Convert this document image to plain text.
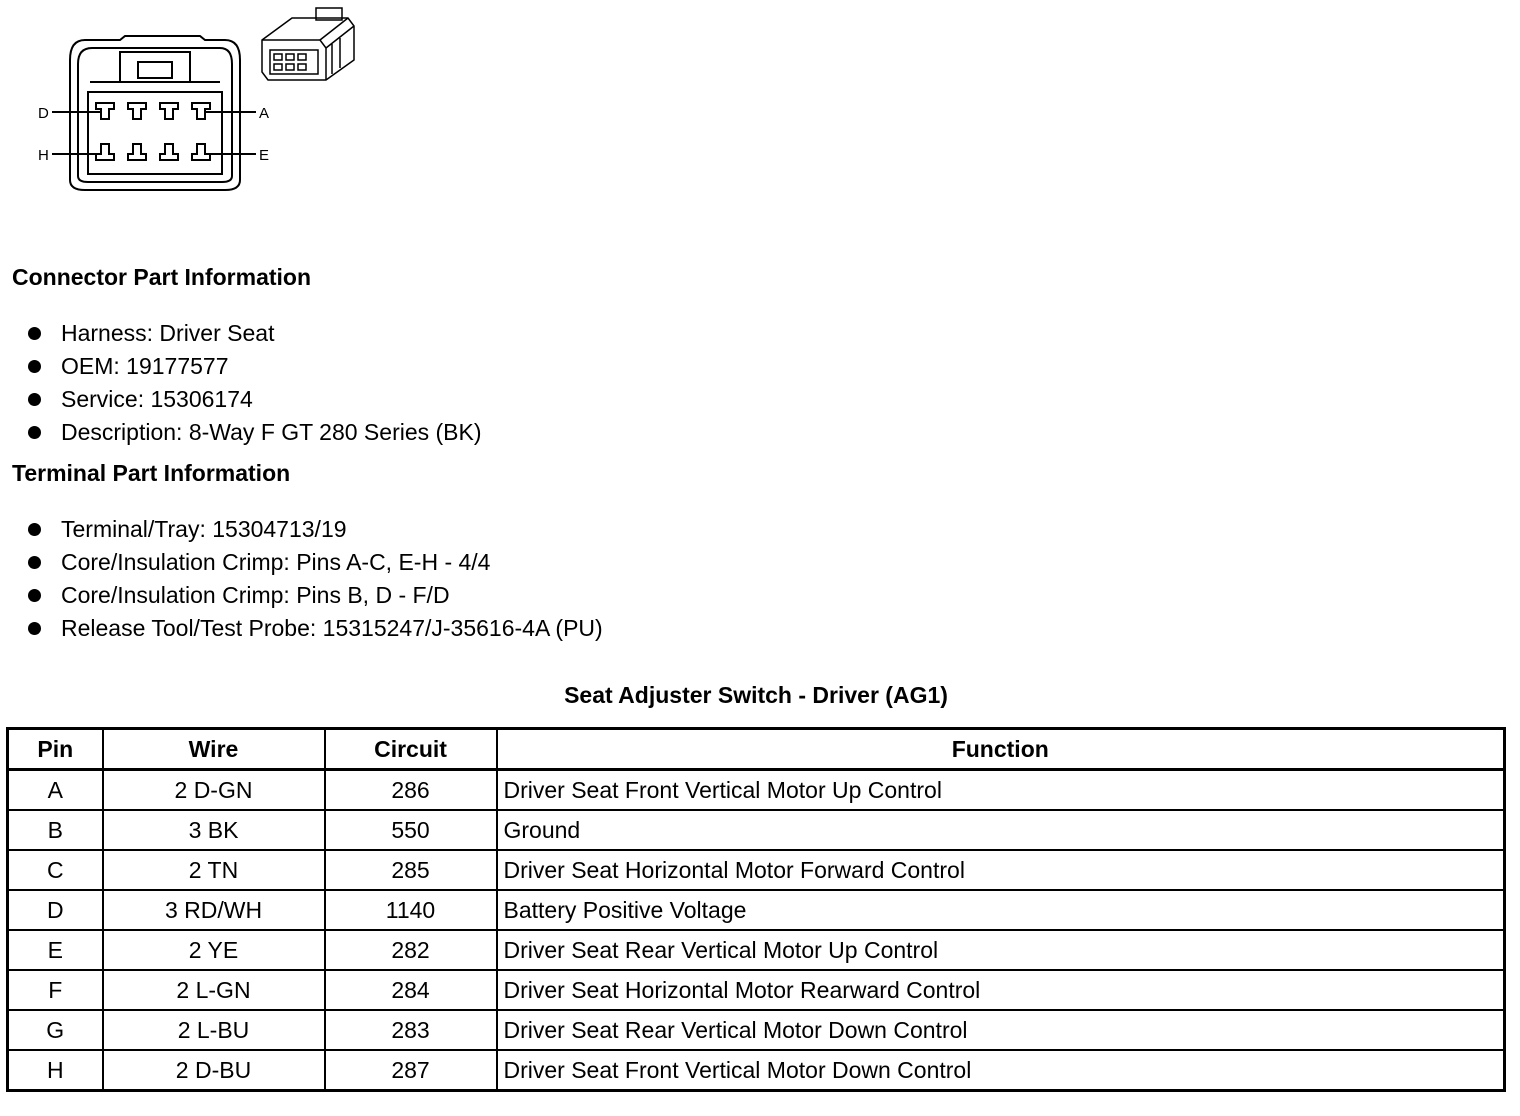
D	A
H	E
Connector Part Information
Harness: Driver Seat
OEM: 19177577
Service: 15306174
Description: 8-Way F GT 280 Series (BK)
Terminal Part Information
Terminal/Tray: 15304713/19
Core/Insulation Crimp: Pins A-C, E-H - 4/4
Core/Insulation Crimp: Pins B, D - F/D
Release Tool/Test Probe: 15315247/J-35616-4A (PU)
Seat Adjuster Switch - Driver (AG1)
Pin	Wire	Circuit	Function
A	2 D-GN	286	Driver Seat Front Vertical Motor Up Control
B	3 BK	550	Ground
C	2 TN	285	Driver Seat Horizontal Motor Forward Control
D	3 RD/WH	1140	Battery Positive Voltage
E	2 YE	282	Driver Seat Rear Vertical Motor Up Control
F	2 L-GN	284	Driver Seat Horizontal Motor Rearward Control
G	2 L-BU	283	Driver Seat Rear Vertical Motor Down Control
H	2 D-BU	287	Driver Seat Front Vertical Motor Down Control
